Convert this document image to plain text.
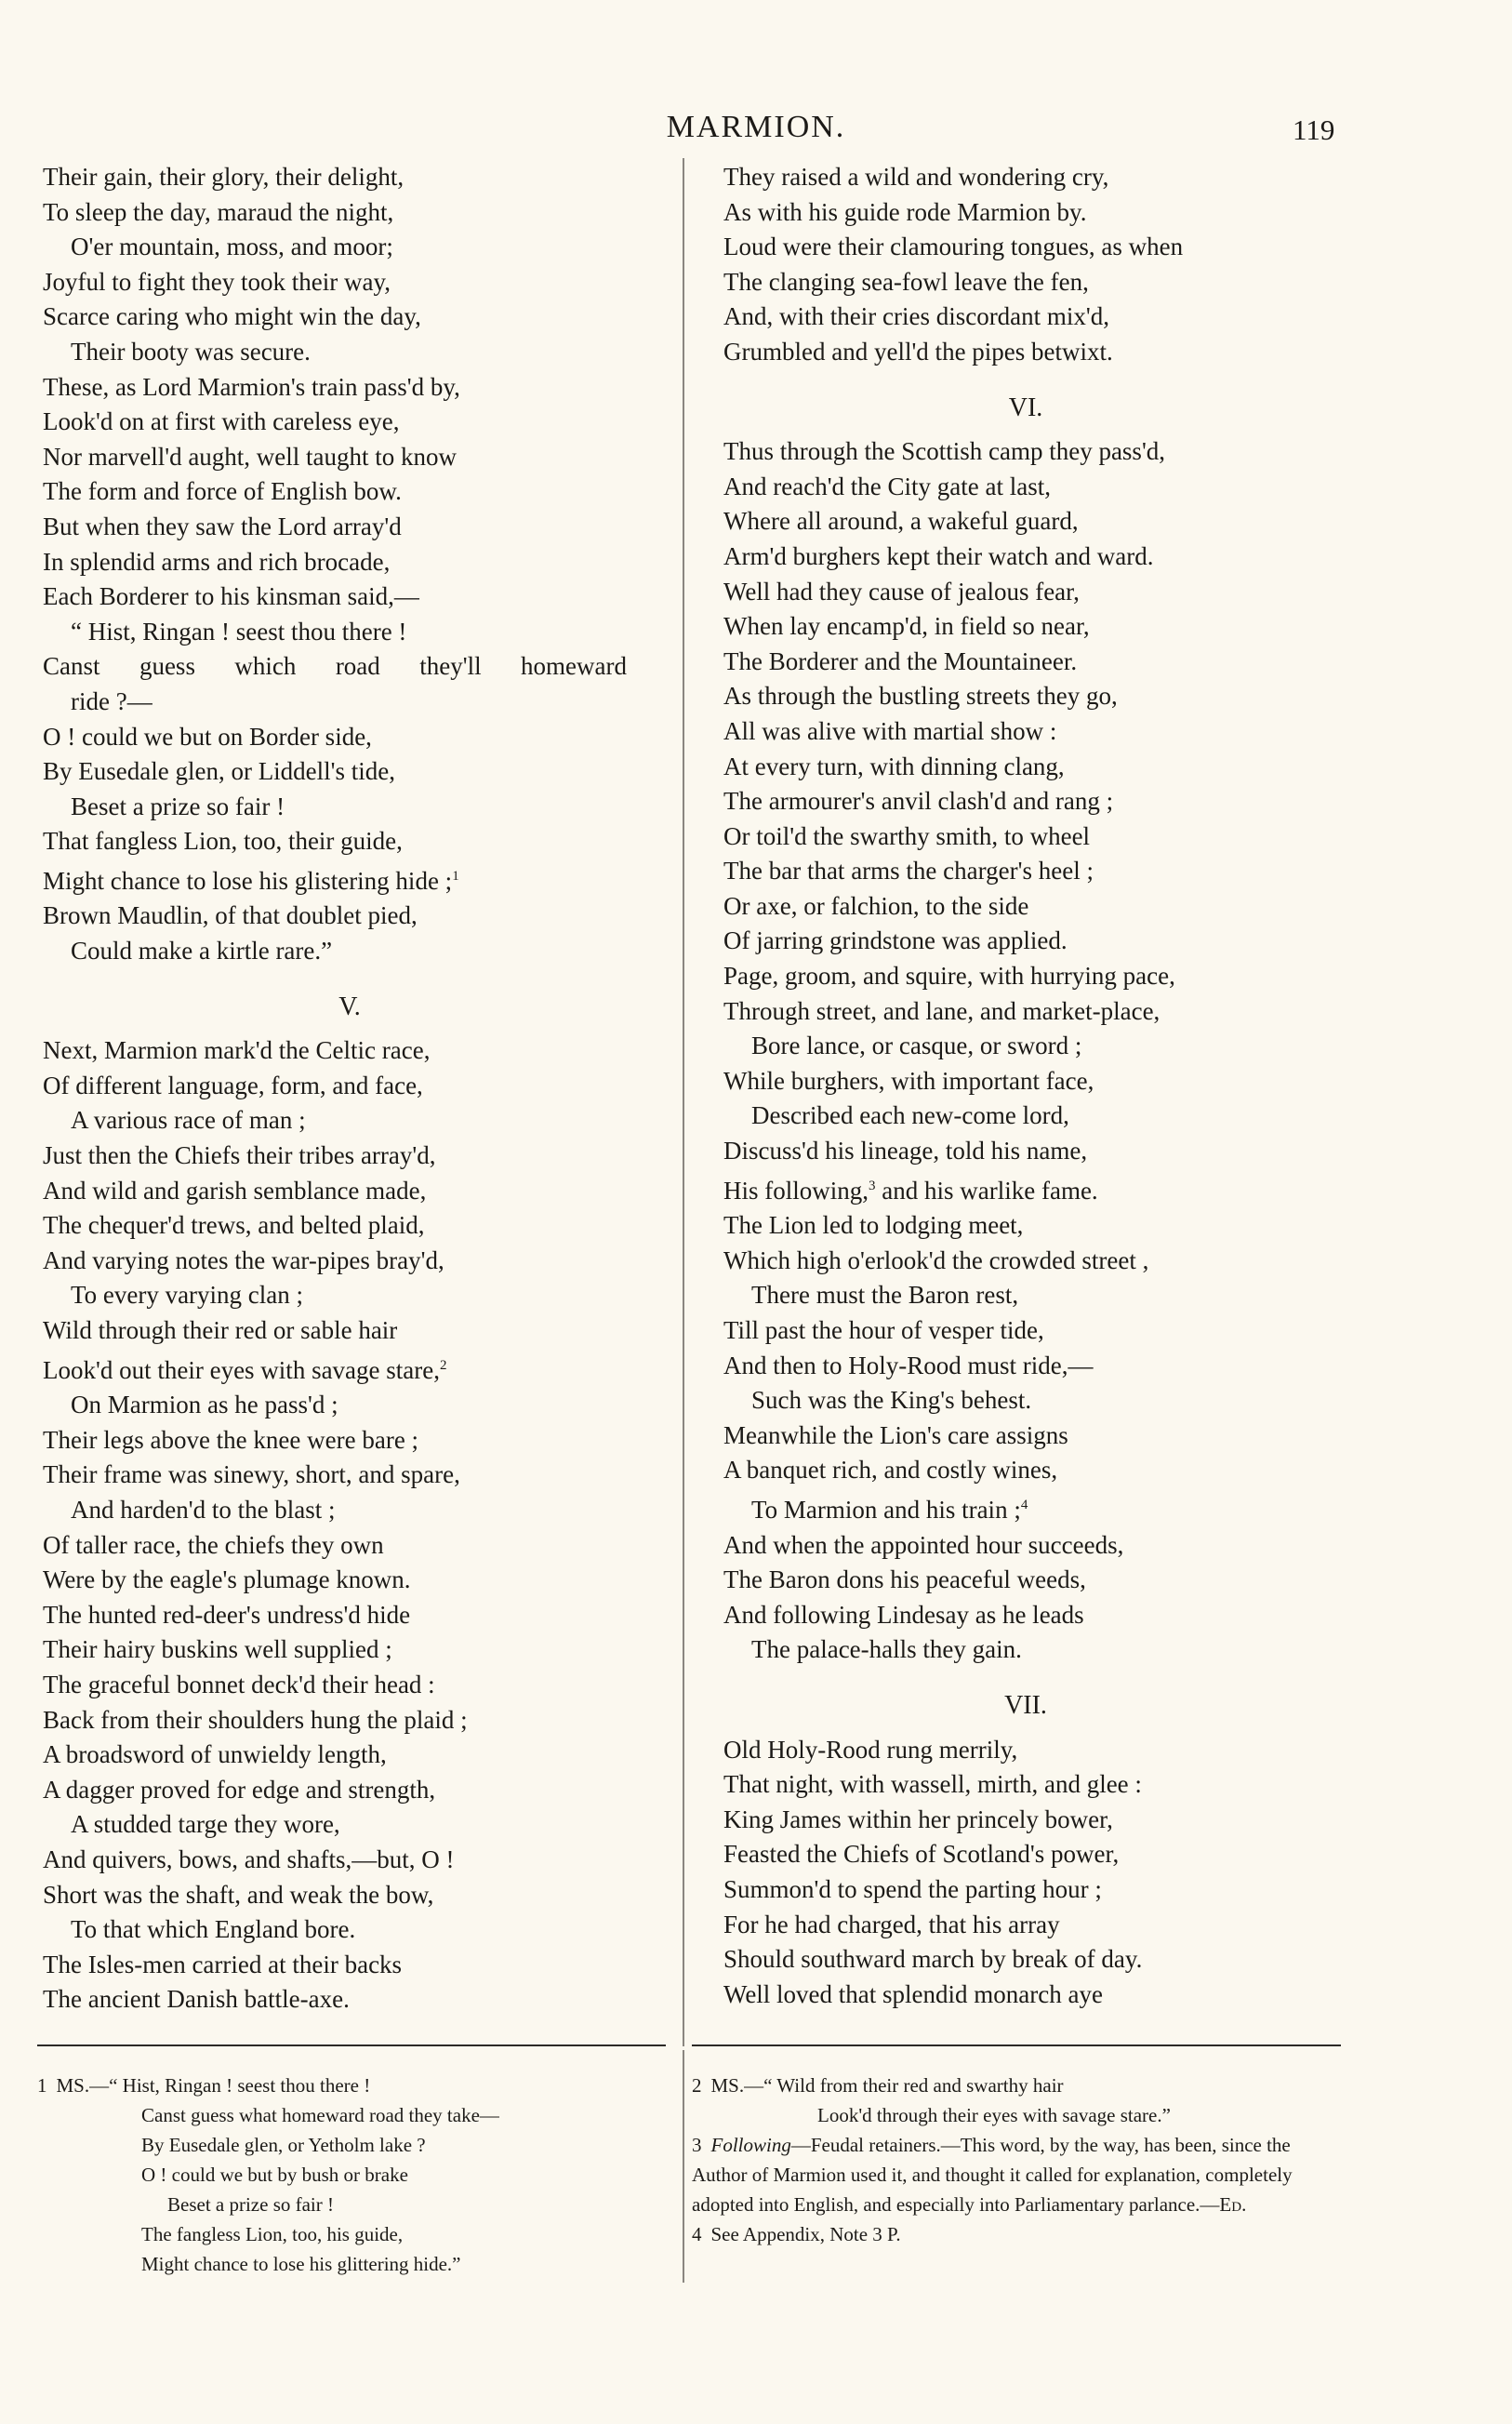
MARMION.	119
Their gain, their glory, their delight,
To sleep the day, maraud the night,
O'er mountain, moss, and moor;
Joyful to fight they took their way,
Scarce caring who might win the day,
Their booty was secure.
These, as Lord Marmion's train pass'd by,
Look'd on at first with careless eye,
Nor marvell'd aught, well taught to know
The form and force of English bow.
But when they saw the Lord array'd
In splendid arms and rich brocade,
Each Borderer to his kinsman said,—
“ Hist, Ringan ! seest thou there !
Canst guess which road they'll homeward
ride ?—
O ! could we but on Border side,
By Eusedale glen, or Liddell's tide,
Beset a prize so fair !
That fangless Lion, too, their guide,
Might chance to lose his glistering hide ;$^1$
Brown Maudlin, of that doublet pied,
Could make a kirtle rare.”
V.
Next, Marmion mark'd the Celtic race,
Of different language, form, and face,
A various race of man ;
Just then the Chiefs their tribes array'd,
And wild and garish semblance made,
The chequer'd trews, and belted plaid,
And varying notes the war-pipes bray'd,
To every varying clan ;
Wild through their red or sable hair
Look'd out their eyes with savage stare,$^2$
On Marmion as he pass'd ;
Their legs above the knee were bare ;
Their frame was sinewy, short, and spare,
And harden'd to the blast ;
Of taller race, the chiefs they own
Were by the eagle's plumage known.
The hunted red-deer's undress'd hide
Their hairy buskins well supplied ;
The graceful bonnet deck'd their head :
Back from their shoulders hung the plaid ;
A broadsword of unwieldy length,
A dagger proved for edge and strength,
A studded targe they wore,
And quivers, bows, and shafts,—but, O !
Short was the shaft, and weak the bow,
To that which England bore.
The Isles-men carried at their backs
The ancient Danish battle-axe.
They raised a wild and wondering cry,
As with his guide rode Marmion by.
Loud were their clamouring tongues, as when
The clanging sea-fowl leave the fen,
And, with their cries discordant mix'd,
Grumbled and yell'd the pipes betwixt.
VI.
Thus through the Scottish camp they pass'd,
And reach'd the City gate at last,
Where all around, a wakeful guard,
Arm'd burghers kept their watch and ward.
Well had they cause of jealous fear,
When lay encamp'd, in field so near,
The Borderer and the Mountaineer.
As through the bustling streets they go,
All was alive with martial show :
At every turn, with dinning clang,
The armourer's anvil clash'd and rang ;
Or toil'd the swarthy smith, to wheel
The bar that arms the charger's heel ;
Or axe, or falchion, to the side
Of jarring grindstone was applied.
Page, groom, and squire, with hurrying pace,
Through street, and lane, and market-place,
Bore lance, or casque, or sword ;
While burghers, with important face,
Described each new-come lord,
Discuss'd his lineage, told his name,
His following,$^3$ and his warlike fame.
The Lion led to lodging meet,
Which high o'erlook'd the crowded street ,
There must the Baron rest,
Till past the hour of vesper tide,
And then to Holy-Rood must ride,—
Such was the King's behest.
Meanwhile the Lion's care assigns
A banquet rich, and costly wines,
To Marmion and his train ;$^4$
And when the appointed hour succeeds,
The Baron dons his peaceful weeds,
And following Lindesay as he leads
The palace-halls they gain.
VII.
Old Holy-Rood rung merrily,
That night, with wassell, mirth, and glee :
King James within her princely bower,
Feasted the Chiefs of Scotland's power,
Summon'd to spend the parting hour ;
For he had charged, that his array
Should southward march by break of day.
Well loved that splendid monarch aye
1 MS.—“ Hist, Ringan ! seest thou there !
Canst guess what homeward road they take—
By Eusedale glen, or Yetholm lake ?
O ! could we but by bush or brake
Beset a prize so fair !
The fangless Lion, too, his guide,
Might chance to lose his glittering hide.”
2 MS.—“ Wild from their red and swarthy hair
Look'd through their eyes with savage stare.”
3 Following—Feudal retainers.—This word, by the way, has been, since the Author of Marmion used it, and thought it called for explanation, completely adopted into English, and especially into Parliamentary parlance.—Ed.
4 See Appendix, Note 3 P.
